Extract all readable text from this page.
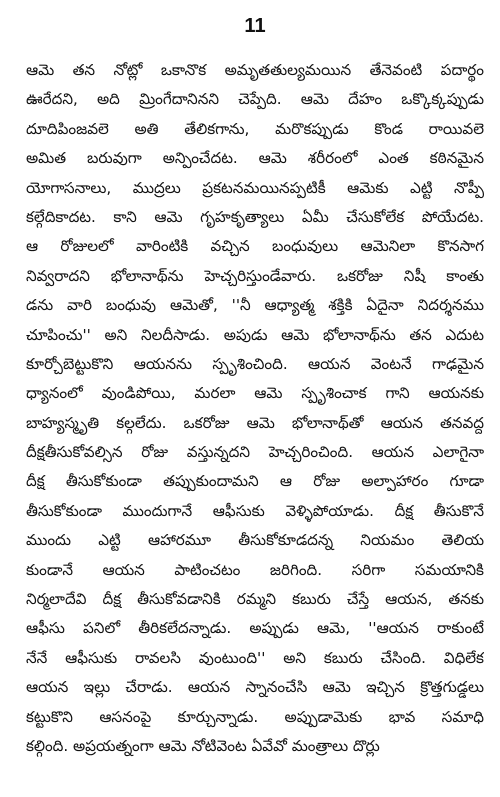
11
ఆమె తన నోట్లో ఒకానొక అమృతతుల్యమయిన తేనెవంటి పదార్థం
ఊరేదని, అది మ్రింగేదానినని చెప్పేది. ఆమె దేహం ఒక్కొక్కప్పుడు
దూదిపింజవలె అతి తేలికగాను, మరొకప్పుడు కొండ రాయివలె
అమిత బరువుగా అన్పించేదట. ఆమె శరీరంలో ఎంత కఠినమైన
యోగాసనాలు, ముద్రలు ప్రకటనమయినప్పటికీ ఆమెకు ఎట్టి నొప్పీ
కల్గేదికాదట. కాని ఆమె గృహకృత్యాలు ఏమీ చేసుకోలేక పోయేదట.
ఆ రోజులలో వారింటికి వచ్చిన బంధువులు ఆమెనిలా కొనసాగ
నివ్వరాదని భోలానాథ్‌ను హెచ్చరిస్తుండేవారు. ఒకరోజు నిషీ కాంతు
డను వారి బంధువు ఆమెతో, ''నీ ఆధ్యాత్మ శక్తికి ఏదైనా నిదర్శనము
చూపించు'' అని నిలదీసాడు. అపుడు ఆమె భోలానాథ్‌ను తన ఎదుట
కూర్చోబెట్టుకొని ఆయనను స్పృశించింది. ఆయన వెంటనే గాఢమైన
ధ్యానంలో వుండిపోయి, మరలా ఆమె స్పృశించాక గాని ఆయనకు
బాహ్యస్మృతి కల్గలేదు. ఒకరోజు ఆమె భోలానాథ్‌తో ఆయన తనవద్ద
దీక్షతీసుకోవల్సిన రోజు వస్తున్నదని హెచ్చరించింది. ఆయన ఎలాగైనా
దీక్ష తీసుకోకుండా తప్పుకుందామని ఆ రోజు అల్పాహారం గూడా
తీసుకోకుండా ముందుగానే ఆఫీసుకు వెళ్ళిపోయాడు. దీక్ష తీసుకొనే
ముందు ఎట్టి ఆహారమూ తీసుకోకూడదన్న నియమం తెలియ
కుండానే ఆయన పాటించటం జరిగింది. సరిగా సమయానికి
నిర్మలాదేవి దీక్ష తీసుకోవడానికి రమ్మని కబురు చేస్తే ఆయన, తనకు
ఆఫీసు పనిలో తీరికలేదన్నాడు. అప్పుడు ఆమె, ''ఆయన రాకుంటే
నేనే ఆఫీసుకు రావలసి వుంటుంది'' అని కబురు చేసింది. విధిలేక
ఆయన ఇల్లు చేరాడు. ఆయన స్నానంచేసి ఆమె ఇచ్చిన క్రొత్తగుడ్డలు
కట్టుకొని ఆసనంపై కూర్చున్నాడు. అప్పుడామెకు భావ సమాధి
కల్గింది. అప్రయత్నంగా ఆమె నోటివెంట ఏవేవో మంత్రాలు దొర్లు
